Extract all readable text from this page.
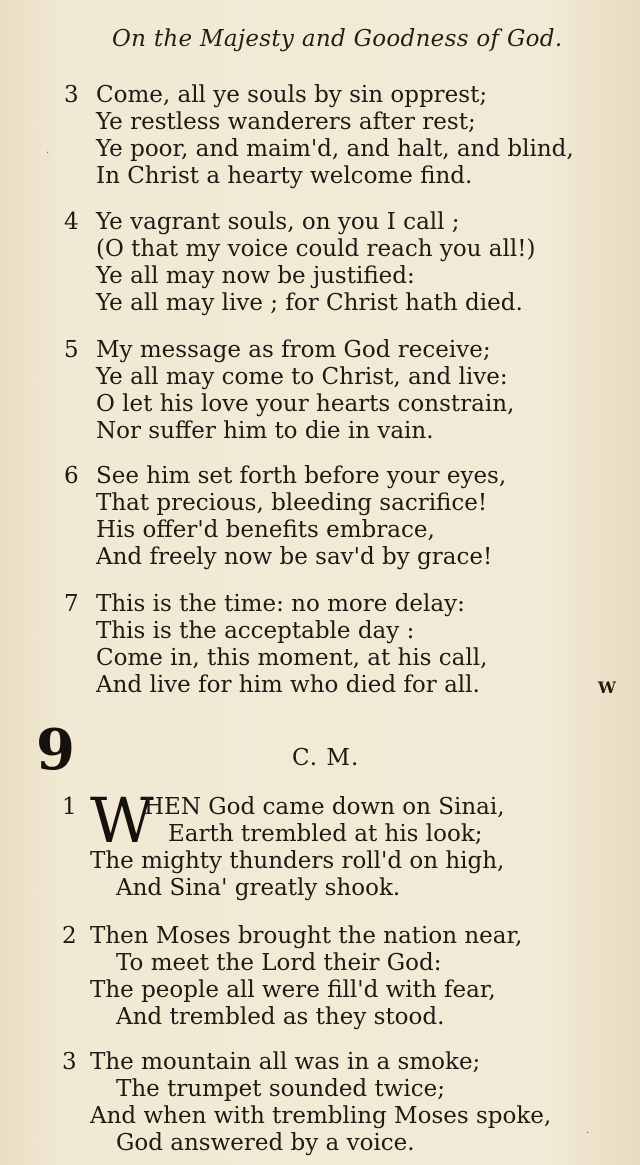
On the Majesty and Goodness of God.
3 Come, all ye souls by sin opprest;
Ye restless wanderers after rest;
Ye poor, and maim'd, and halt, and blind,
In Christ a hearty welcome find.
4 Ye vagrant souls, on you I call ;
(O that my voice could reach you all!)
Ye all may now be justified:
Ye all may live ; for Christ hath died.
5 My message as from God receive;
Ye all may come to Christ, and live:
O let his love your hearts constrain,
Nor suffer him to die in vain.
6 See him set forth before your eyes,
That precious, bleeding sacrifice!
His offer'd benefits embrace,
And freely now be sav'd by grace!
7 This is the time: no more delay:
This is the acceptable day :
Come in, this moment, at his call,
And live for him who died for all.	W
9	C. M.
W
1	HEN God came down on Sinai,
Earth trembled at his look;
The mighty thunders roll'd on high,
And Sina' greatly shook.
2 Then Moses brought the nation near,
To meet the Lord their God:
The people all were fill'd with fear,
And trembled as they stood.
3 The mountain all was in a smoke;
The trumpet sounded twice;
And when with trembling Moses spoke,
God answered by a voice.
·
·
